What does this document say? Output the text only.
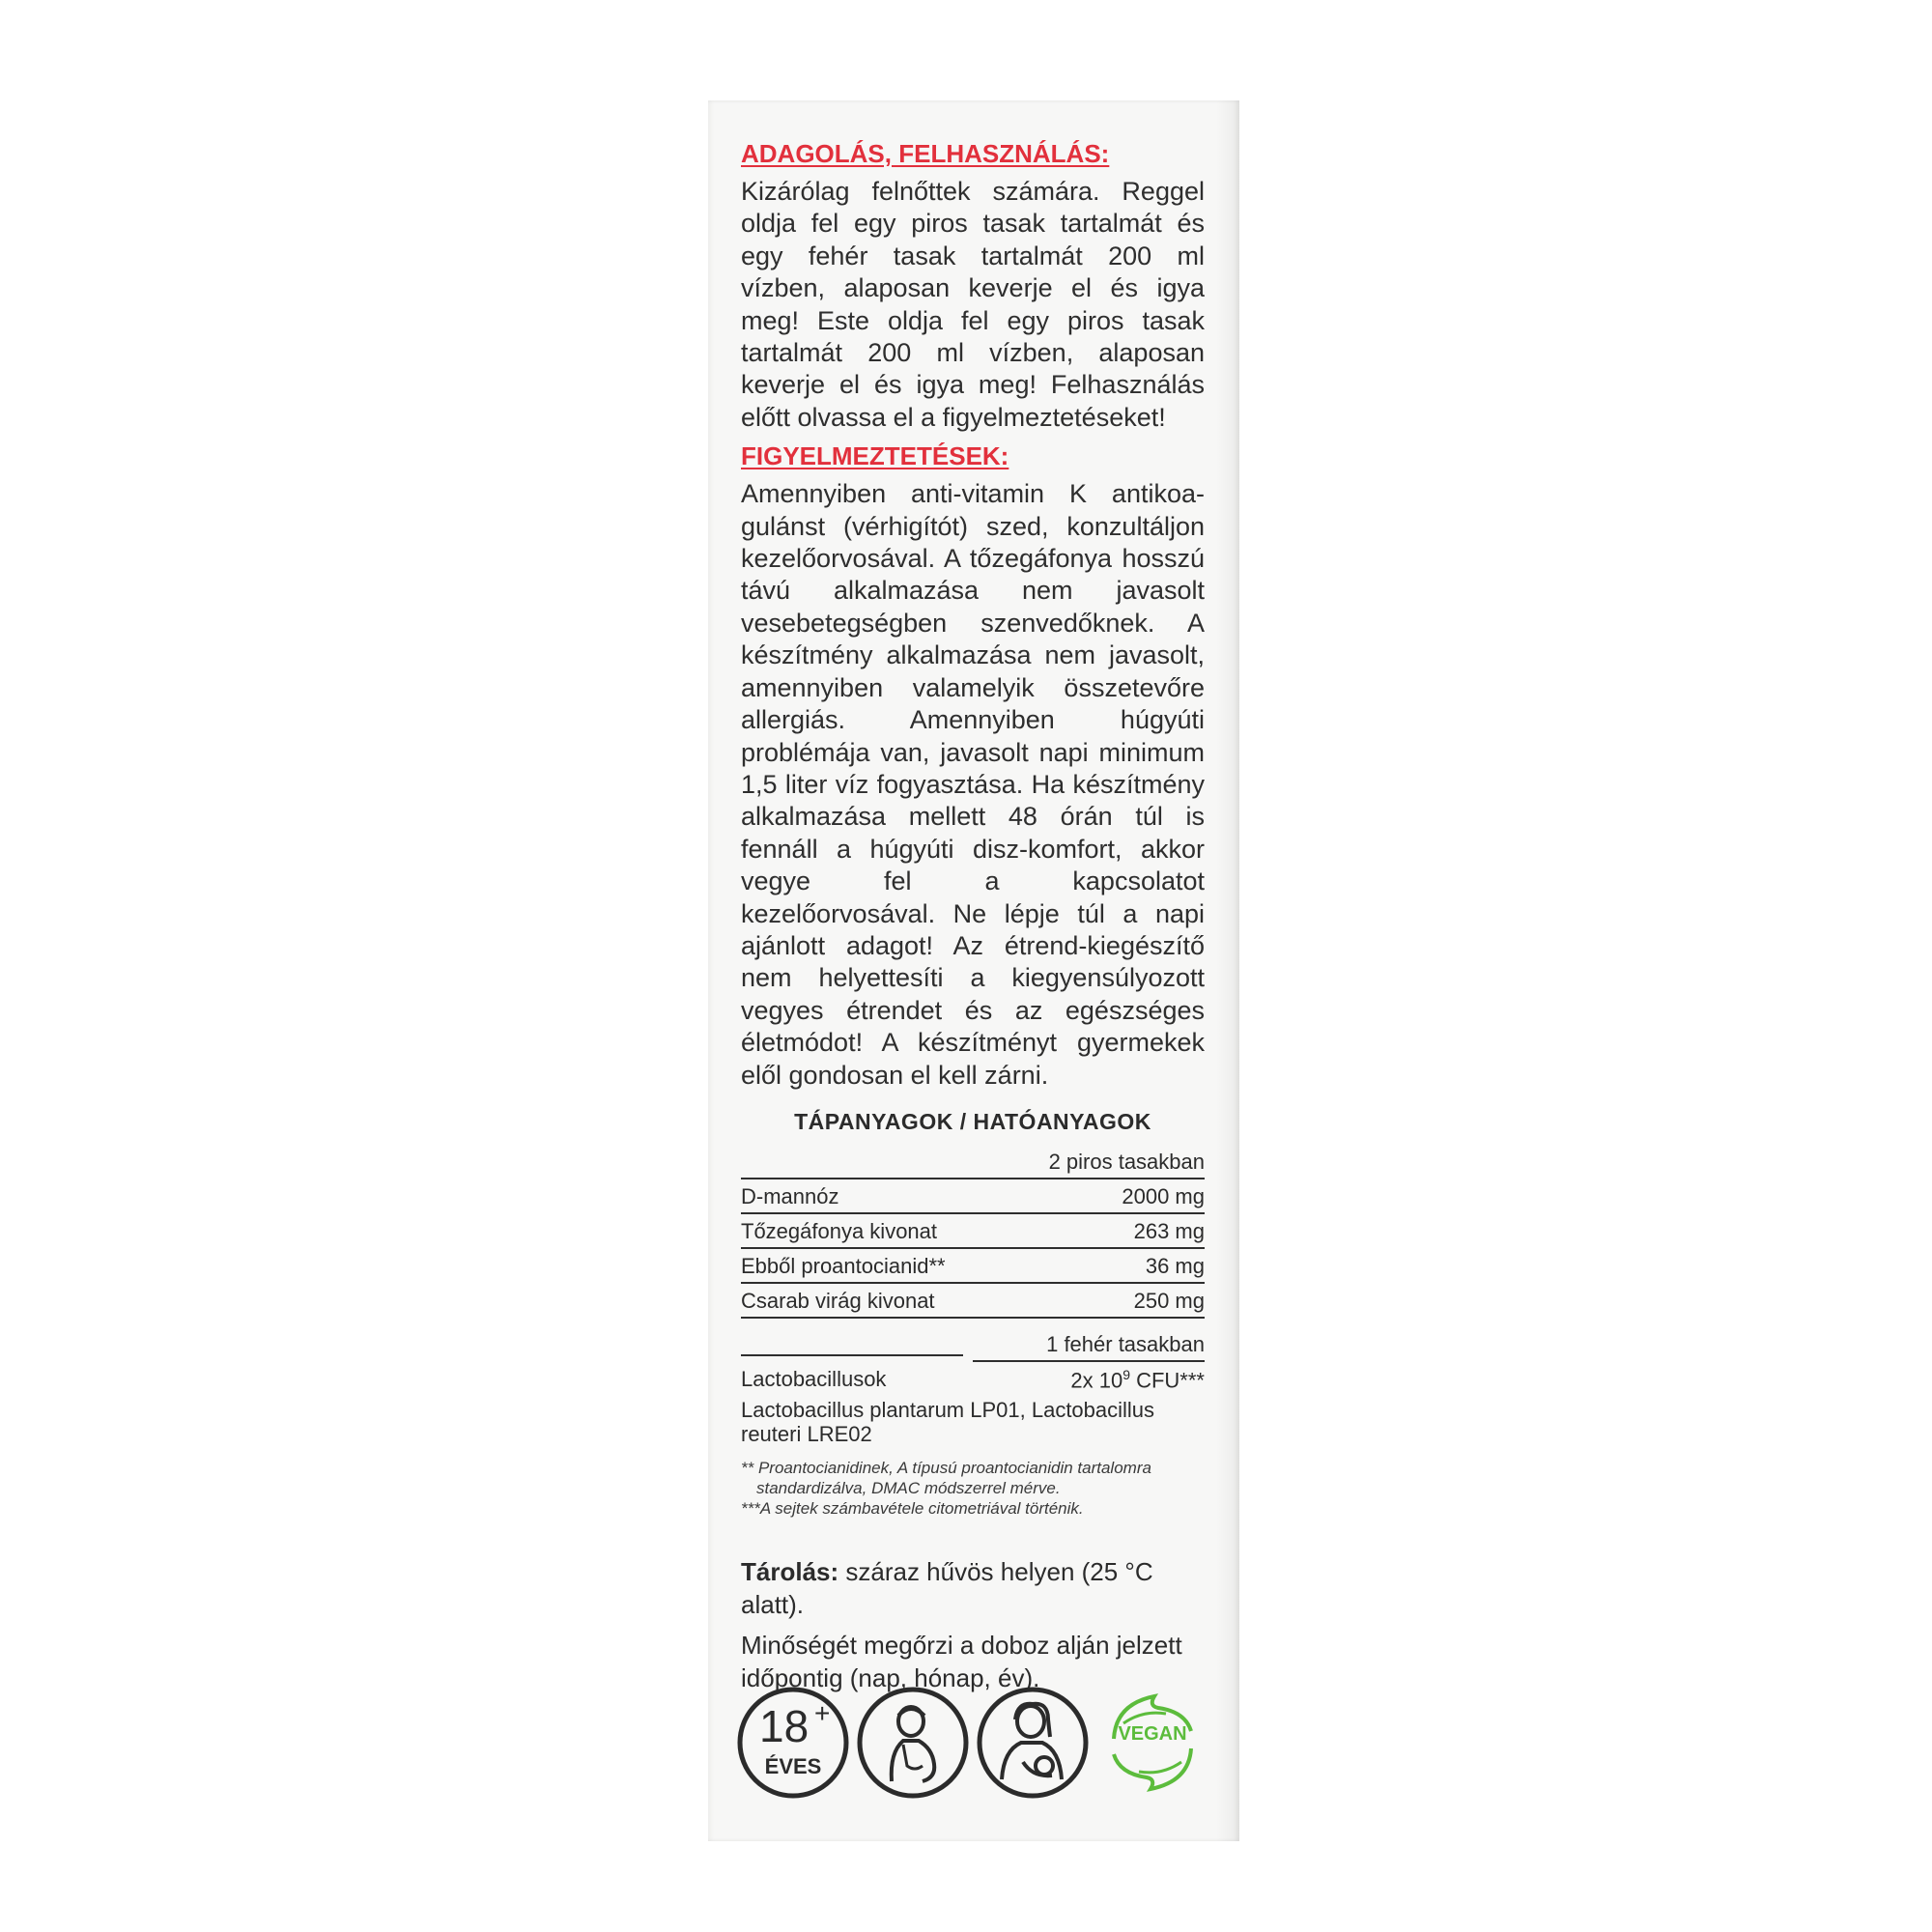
ADAGOLÁS, FELHASZNÁLÁS:
Kizárólag felnőttek számára. Reggel oldja fel egy piros tasak tartalmát és egy fehér tasak tartalmát 200 ml vízben, alaposan keverje el és igya meg! Este oldja fel egy piros tasak tartalmát 200 ml vízben, alaposan keverje el és igya meg! Felhasználás előtt olvassa el a figyelmeztetéseket!
FIGYELMEZTETÉSEK:
Amennyiben anti-vitamin K antikoa-gulánst (vérhigítót) szed, konzultáljon kezelőorvosával. A tőzegáfonya hosszú távú alkalmazása nem javasolt vesebetegségben szenvedőknek. A készítmény alkalmazása nem javasolt, amennyiben valamelyik összetevőre allergiás. Amennyiben húgyúti problémája van, javasolt napi minimum 1,5 liter víz fogyasztása. Ha készítmény alkalmazása mellett 48 órán túl is fennáll a húgyúti disz-komfort, akkor vegye fel a kapcsolatot kezelőorvosával. Ne lépje túl a napi ajánlott adagot! Az étrend-kiegészítő nem helyettesíti a kiegyensúlyozott vegyes étrendet és az egészséges életmódot! A készítményt gyermekek elől gondosan el kell zárni.
TÁPANYAGOK / HATÓANYAGOK
	2 piros tasakban
D-mannóz	2000 mg
Tőzegáfonya kivonat	263 mg
Ebből proantocianid**	36 mg
Csarab virág kivonat	250 mg

	1 fehér tasakban
Lactobacillusok	2x $10^9$ CFU***
Lactobacillus plantarum LP01, Lactobacillus reuteri LRE02
** Proantocianidinek, A típusú proantocianidin tartalomra standardizálva, DMAC módszerrel mérve.
***A sejtek számbavétele citometriával történik.
Tárolás: száraz hűvös helyen (25 °C alatt).
Minőségét megőrzi a doboz alján jelzett időpontig (nap, hónap, év).
18 +
ÉVES
VEGAN
